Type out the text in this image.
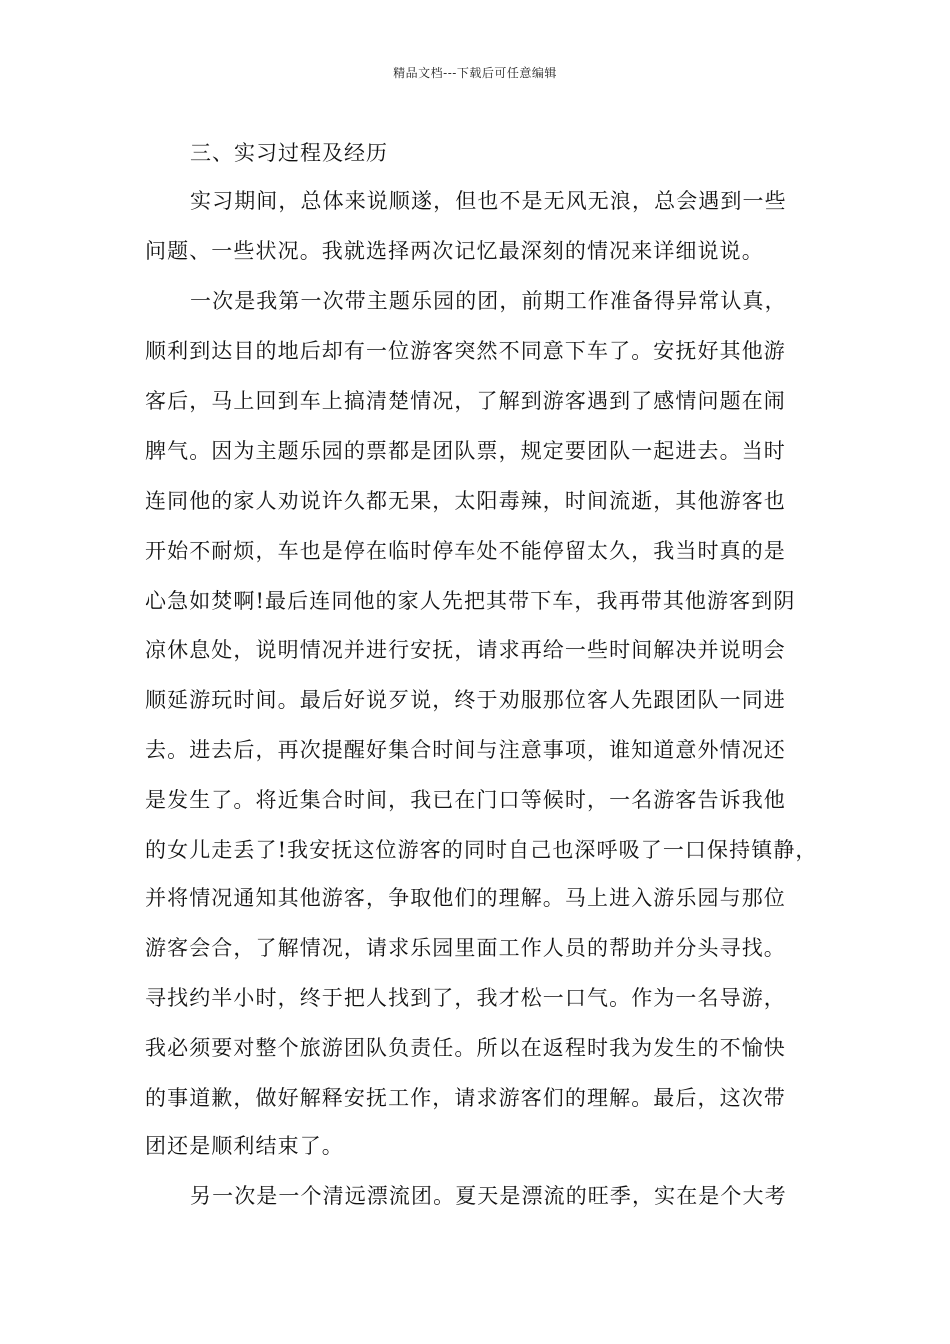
精品文档---下载后可任意编辑
三、实习过程及经历
实习期间，总体来说顺遂，但也不是无风无浪，总会遇到一些
问题、一些状况。我就选择两次记忆最深刻的情况来详细说说。
一次是我第一次带主题乐园的团，前期工作准备得异常认真，
顺利到达目的地后却有一位游客突然不同意下车了。安抚好其他游
客后，马上回到车上搞清楚情况，了解到游客遇到了感情问题在闹
脾气。因为主题乐园的票都是团队票，规定要团队一起进去。当时
连同他的家人劝说许久都无果，太阳毒辣，时间流逝，其他游客也
开始不耐烦，车也是停在临时停车处不能停留太久，我当时真的是
心急如焚啊!最后连同他的家人先把其带下车，我再带其他游客到阴
凉休息处，说明情况并进行安抚，请求再给一些时间解决并说明会
顺延游玩时间。最后好说歹说，终于劝服那位客人先跟团队一同进
去。进去后，再次提醒好集合时间与注意事项，谁知道意外情况还
是发生了。将近集合时间，我已在门口等候时，一名游客告诉我他
的女儿走丢了!我安抚这位游客的同时自己也深呼吸了一口保持镇静，
并将情况通知其他游客，争取他们的理解。马上进入游乐园与那位
游客会合，了解情况，请求乐园里面工作人员的帮助并分头寻找。
寻找约半小时，终于把人找到了，我才松一口气。作为一名导游，
我必须要对整个旅游团队负责任。所以在返程时我为发生的不愉快
的事道歉，做好解释安抚工作，请求游客们的理解。最后，这次带
团还是顺利结束了。
另一次是一个清远漂流团。夏天是漂流的旺季，实在是个大考
